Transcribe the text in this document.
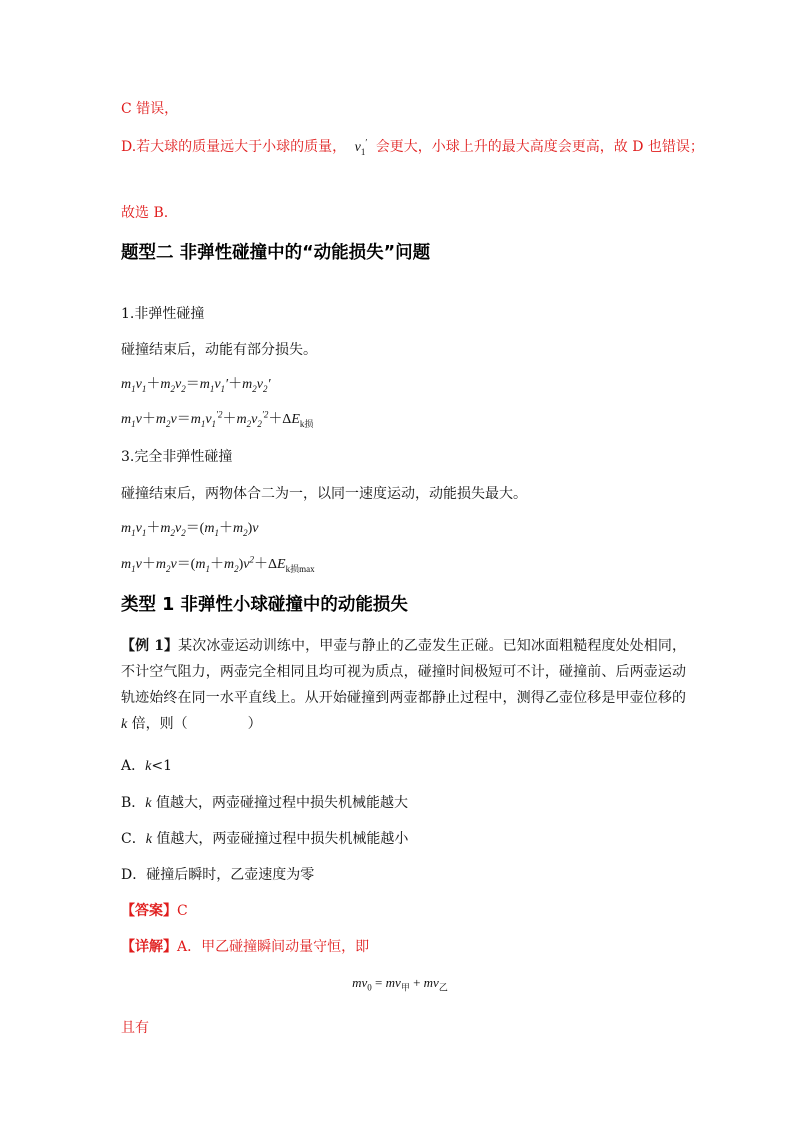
C 错误，
D.若大球的质量远大于小球的质量， $v_1'$ 会更大，小球上升的最大高度会更高，故 D 也错误；
故选 B.
题型二 非弹性碰撞中的“动能损失”问题
1.非弹性碰撞
碰撞结束后，动能有部分损失。
$m_1v_1+m_2v_2=m_1v_1'+m_2v_2'$
$m_1v+m_2v=m_1v_1^{'2}+m_2v_2^{'2}+\Delta E_{k损}$
3.完全非弹性碰撞
碰撞结束后，两物体合二为一，以同一速度运动，动能损失最大。
$m_1v_1+m_2v_2=(m_1+m_2)v$
$m_1v+m_2v=(m_1+m_2)v^2+\Delta E_{k损max}$
类型 1 非弹性小球碰撞中的动能损失
【例 1】某次冰壶运动训练中，甲壶与静止的乙壶发生正碰。已知冰面粗糙程度处处相同，不计空气阻力，两壶完全相同且均可视为质点，碰撞时间极短可不计，碰撞前、后两壶运动轨迹始终在同一水平直线上。从开始碰撞到两壶都静止过程中，测得乙壶位移是甲壶位移的k 倍，则（	）
A．k<1
B．k 值越大，两壶碰撞过程中损失机械能越大
C．k 值越大，两壶碰撞过程中损失机械能越小
D．碰撞后瞬时，乙壶速度为零
【答案】C
【详解】A．甲乙碰撞瞬间动量守恒，即
$mv_0 = mv_甲 + mv_乙$
且有
